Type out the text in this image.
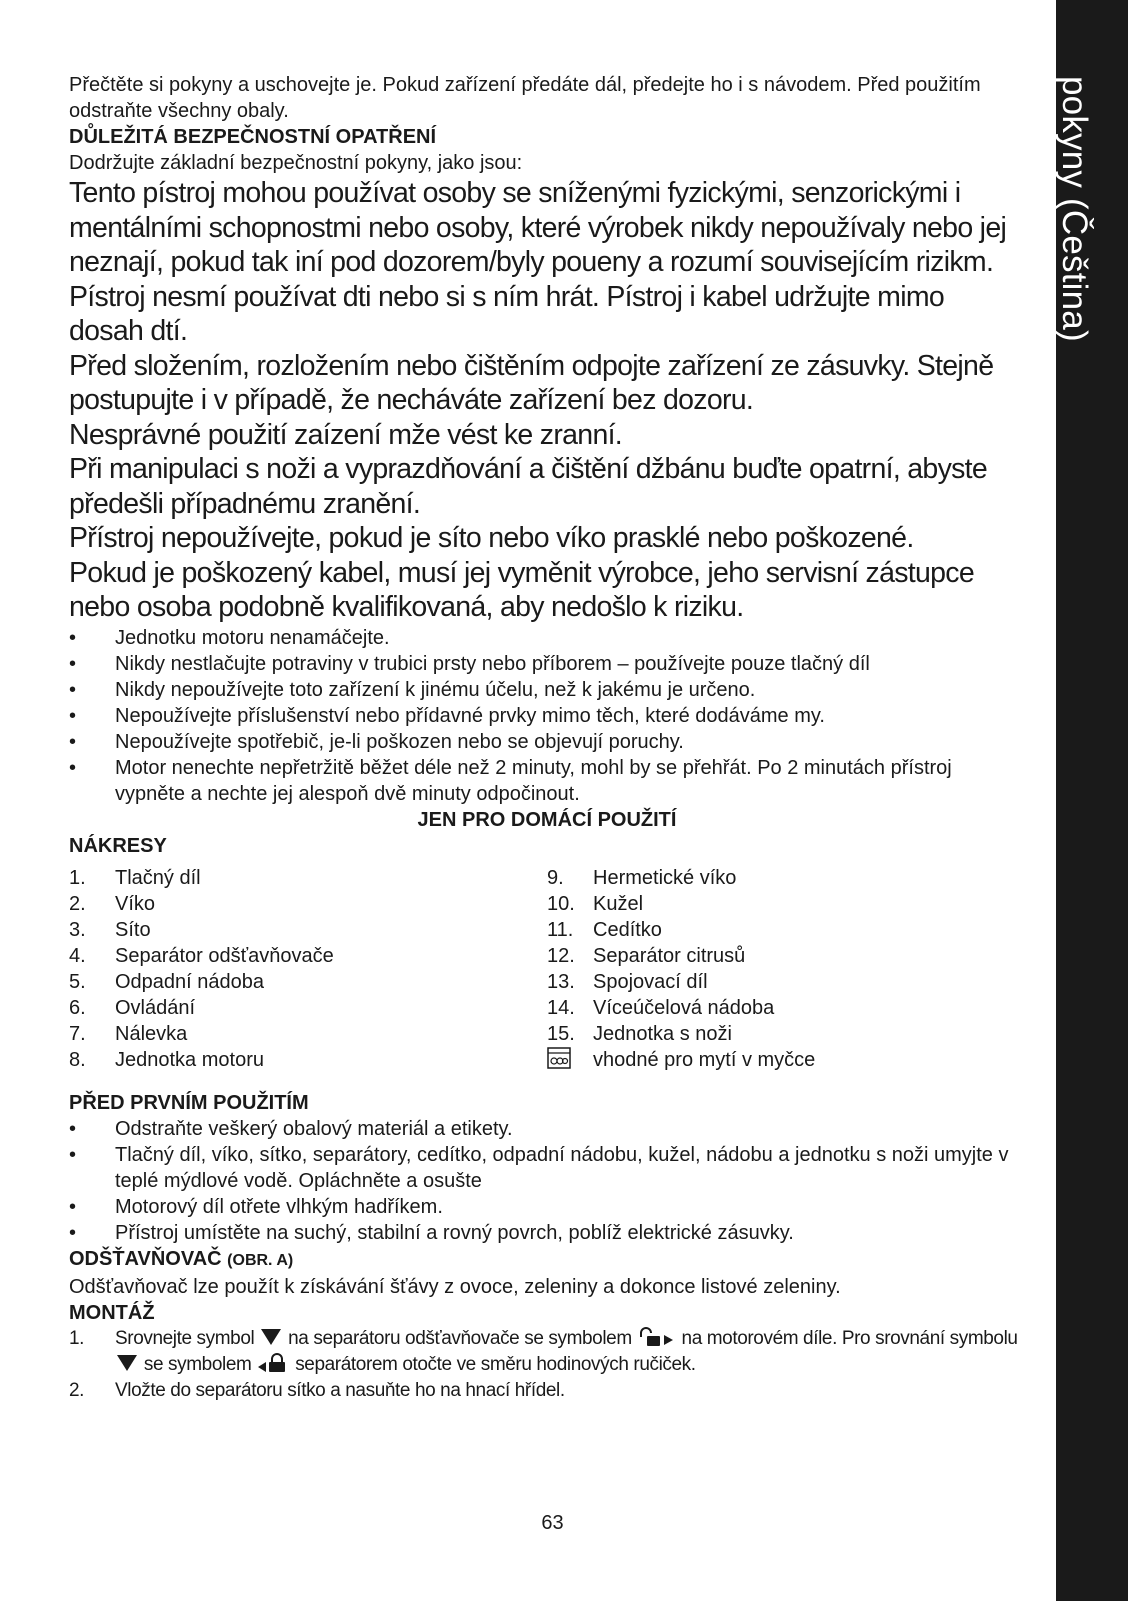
pokyny (Čeština)

Přečtěte si pokyny a uschovejte je. Pokud zařízení předáte dál, předejte ho i s návodem. Před použitím odstraňte všechny obaly.

DŮLEŽITÁ BEZPEČNOSTNÍ OPATŘENÍ

Dodržujte základní bezpečnostní pokyny, jako jsou:

Tento pístroj mohou používat osoby se sníženými fyzickými, senzorickými i mentálními schopnostmi nebo osoby, které výrobek nikdy nepoužívaly nebo jej neznají, pokud tak iní pod dozorem/byly poueny a rozumí souvisejícím rizikm.

Pístroj nesmí používat dti nebo si s ním hrát. Pístroj i kabel udržujte mimo dosah dtí.

Před složením, rozložením nebo čištěním odpojte zařízení ze zásuvky. Stejně postupujte i v případě, že necháváte zařízení bez dozoru.

Nesprávné použití zaízení mže vést ke zranní.

Při manipulaci s noži a vyprazdňování a čištění džbánu buďte opatrní, abyste předešli případnému zranění.

Přístroj nepoužívejte, pokud je síto nebo víko prasklé nebo poškozené.

Pokud je poškozený kabel, musí jej vyměnit výrobce, jeho servisní zástupce nebo osoba podobně kvalifikovaná, aby nedošlo k riziku.

• Jednotku motoru nenamáčejte.
• Nikdy nestlačujte potraviny v trubici prsty nebo příborem – používejte pouze tlačný díl
• Nikdy nepoužívejte toto zařízení k jinému účelu, než k jakému je určeno.
• Nepoužívejte příslušenství nebo přídavné prvky mimo těch, které dodáváme my.
• Nepoužívejte spotřebič, je-li poškozen nebo se objevují poruchy.
• Motor nenechte nepřetržitě běžet déle než 2 minuty, mohl by se přehřát. Po 2 minutách přístroj vypněte a nechte jej alespoň dvě minuty odpočinout.

JEN PRO DOMÁCÍ POUŽITÍ

NÁKRESY

1.	Tlačný díl
2.	Víko
3.	Síto
4.	Separátor odšťavňovače
5.	Odpadní nádoba
6.	Ovládání
7.	Nálevka
8.	Jednotka motoru
9.	Hermetické víko
10. Kužel
11. Cedítko
12. Separátor citrusů
13. Spojovací díl
14. Víceúčelová nádoba
15. Jednotka s noži
vhodné pro mytí v myčce

PŘED PRVNÍM POUŽITÍM

• Odstraňte veškerý obalový materiál a etikety.
• Tlačný díl, víko, sítko, separátory, cedítko, odpadní nádobu, kužel, nádobu a jednotku s noži umyjte v teplé mýdlové vodě. Opláchněte a osušte
• Motorový díl otřete vlhkým hadříkem.
• Přístroj umístěte na suchý, stabilní a rovný povrch, poblíž elektrické zásuvky.

ODŠŤAVŇOVAČ (OBR. A)

Odšťavňovač lze použít k získávání šťávy z ovoce, zeleniny a dokonce listové zeleniny.

MONTÁŽ

1. Srovnejte symbol na separátoru odšťavňovače se symbolem	na motorovém díle. Pro srovnání symbolu  se symbolem separátorem otočte ve směru hodinových ručiček.
2. Vložte do separátoru sítko a nasuňte ho na hnací hřídel.
63
